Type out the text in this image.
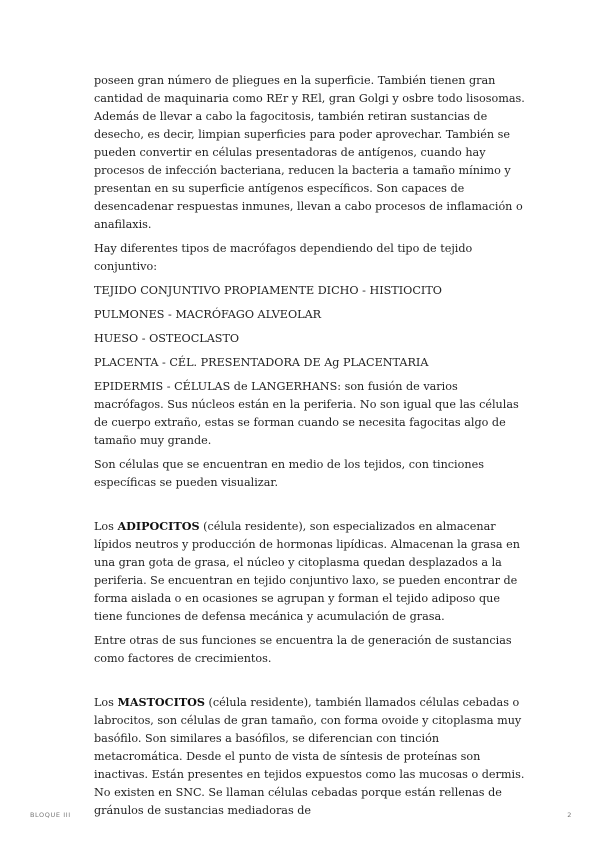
poseen gran número de pliegues en la superficie. También tienen gran cantidad de maquinaria como REr y REl, gran Golgi y osbre todo lisosomas. Además de llevar a cabo la fagocitosis, también retiran sustancias de desecho, es decir, limpian superficies para poder aprovechar. También se pueden convertir en células presentadoras de antígenos, cuando hay procesos de infección bacteriana, reducen la bacteria a tamaño mínimo y presentan en su superficie antígenos específicos. Son capaces de desencadenar respuestas inmunes, llevan a cabo procesos de inflamación o anafilaxis.

Hay diferentes tipos de macrófagos dependiendo del tipo de tejido conjuntivo:

TEJIDO CONJUNTIVO PROPIAMENTE DICHO - HISTIOCITO

PULMONES - MACRÓFAGO ALVEOLAR

HUESO - OSTEOCLASTO

PLACENTA - CÉL. PRESENTADORA DE Ag PLACENTARIA

EPIDERMIS - CÉLULAS de LANGERHANS: son fusión de varios macrófagos. Sus núcleos están en la periferia. No son igual que las células de cuerpo extraño, estas se forman cuando se necesita fagocitas algo de tamaño muy grande.

Son células que se encuentran en medio de los tejidos, con tinciones específicas se pueden visualizar.

Los ADIPOCITOS (célula residente), son especializados en almacenar lípidos neutros y producción de hormonas lipídicas. Almacenan la grasa en una gran gota de grasa, el núcleo y citoplasma quedan desplazados a la periferia. Se encuentran en tejido conjuntivo laxo, se pueden encontrar de forma aislada o en ocasiones se agrupan y forman el tejido adiposo que tiene funciones de defensa mecánica y acumulación de grasa.

Entre otras de sus funciones se encuentra la de generación de sustancias como factores de crecimientos.

Los MASTOCITOS (célula residente), también llamados células cebadas o labrocitos, son células de gran tamaño, con forma ovoide y citoplasma muy basófilo. Son similares a basófilos, se diferencian con tinción metacromática. Desde el punto de vista de síntesis de proteínas son inactivas. Están presentes en tejidos expuestos como las mucosas o dermis. No existen en SNC. Se llaman células cebadas porque están rellenas de gránulos de sustancias mediadoras de

BLOQUE III	2
